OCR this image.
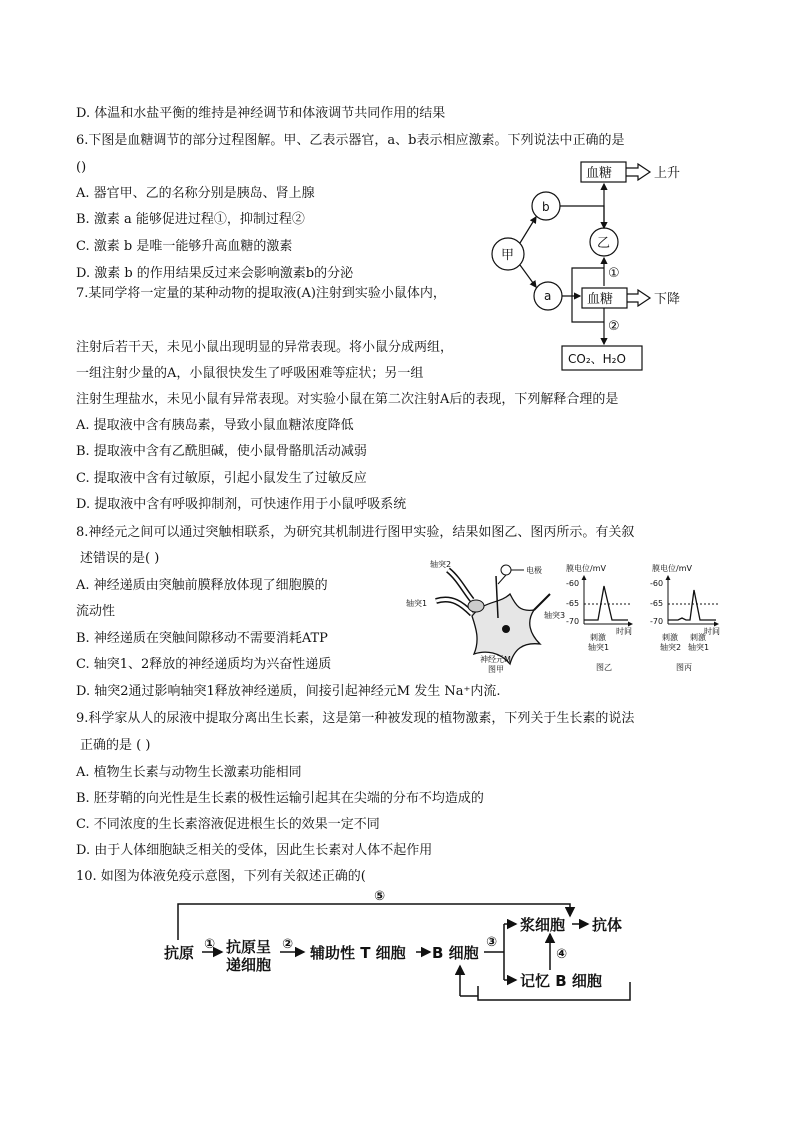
D. 体温和水盐平衡的维持是神经调节和体液调节共同作用的结果
6.下图是血糖调节的部分过程图解。甲、乙表示器官，a、b表示相应激素。下列说法中正确的是
()
A. 器官甲、乙的名称分别是胰岛、肾上腺
B. 激素 a 能够促进过程①，抑制过程②
C. 激素 b 是唯一能够升高血糖的激素
D. 激素 b 的作用结果反过来会影响激素b的分泌
7.某同学将一定量的某种动物的提取液(A)注射到实验小鼠体内，
注射后若干天，未见小鼠出现明显的异常表现。将小鼠分成两组，
一组注射少量的A，小鼠很快发生了呼吸困难等症状；另一组
注射生理盐水，未见小鼠有异常表现。对实验小鼠在第二次注射A后的表现，下列解释合理的是
A. 提取液中含有胰岛素，导致小鼠血糖浓度降低
B. 提取液中含有乙酰胆碱，使小鼠骨骼肌活动减弱
C. 提取液中含有过敏原，引起小鼠发生了过敏反应
D. 提取液中含有呼吸抑制剂，可快速作用于小鼠呼吸系统
8.神经元之间可以通过突触相联系，为研究其机制进行图甲实验，结果如图乙、图丙所示。有关叙
述错误的是( )
A. 神经递质由突触前膜释放体现了细胞膜的
流动性
B. 神经递质在突触间隙移动不需要消耗ATP
C. 轴突1、2释放的神经递质均为兴奋性递质
D. 轴突2通过影响轴突1释放神经递质，间接引起神经元M 发生 Na⁺内流.
9.科学家从人的尿液中提取分离出生长素，这是第一种被发现的植物激素，下列关于生长素的说法
正确的是 ( )
A. 植物生长素与动物生长激素功能相同
B. 胚芽鞘的向光性是生长素的极性运输引起其在尖端的分布不均造成的
C. 不同浓度的生长素溶液促进根生长的效果一定不同
D. 由于人体细胞缺乏相关的受体，因此生长素对人体不起作用
10. 如图为体液免疫示意图，下列有关叙述正确的(
血糖	上升
b
乙
甲
a
①
血糖	下降
②
CO₂、H₂O
轴突2
电极
轴突1
轴突3
神经元M
图甲
膜电位/mV
-60
-65
-70
时间
刺激
轴突1
图乙
膜电位/mV
-60
-65
-70
时间
刺激
轴突2
刺激
轴突1
图丙
抗原 ① 抗原呈
递细胞
② 辅助性 T 细胞 B 细胞
③
浆细胞 抗体
④
记忆 B 细胞
⑤
